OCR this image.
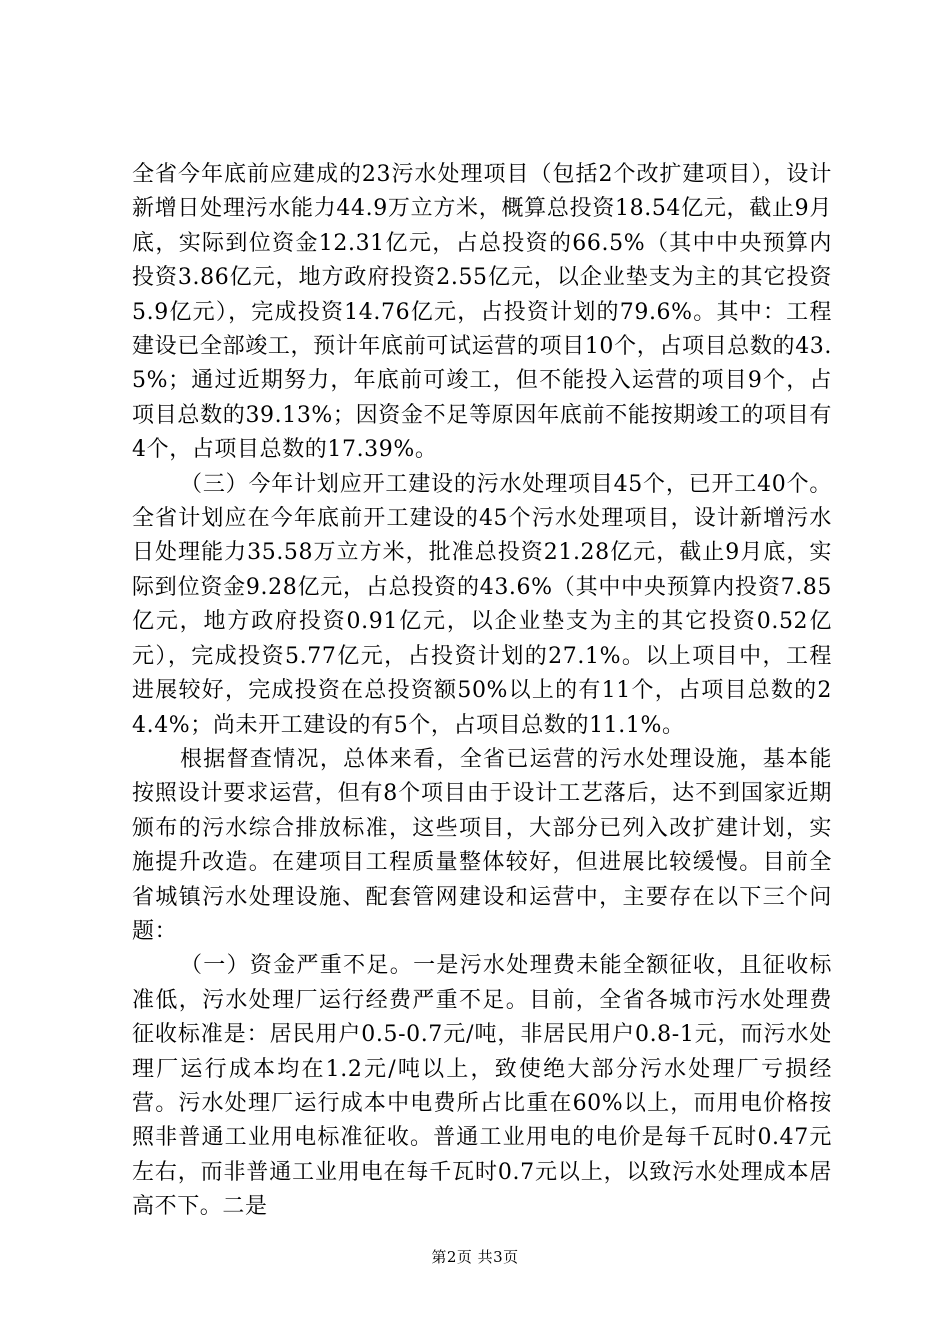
全省今年底前应建成的23污水处理项目（包括2个改扩建项目），设计新增日处理污水能力44.9万立方米，概算总投资18.54亿元，截止9月底，实际到位资金12.31亿元，占总投资的66.5%（其中中央预算内投资3.86亿元，地方政府投资2.55亿元，以企业垫支为主的其它投资5.9亿元），完成投资14.76亿元，占投资计划的79.6%。其中：工程建设已全部竣工，预计年底前可试运营的项目10个，占项目总数的43.5%；通过近期努力，年底前可竣工，但不能投入运营的项目9个，占项目总数的39.13%；因资金不足等原因年底前不能按期竣工的项目有4个，占项目总数的17.39%。

（三）今年计划应开工建设的污水处理项目45个，已开工40个。全省计划应在今年底前开工建设的45个污水处理项目，设计新增污水日处理能力35.58万立方米，批准总投资21.28亿元，截止9月底，实际到位资金9.28亿元，占总投资的43.6%（其中中央预算内投资7.85亿元，地方政府投资0.91亿元，以企业垫支为主的其它投资0.52亿元），完成投资5.77亿元，占投资计划的27.1%。以上项目中，工程进展较好，完成投资在总投资额50%以上的有11个，占项目总数的24.4%；尚未开工建设的有5个，占项目总数的11.1%。

根据督查情况，总体来看，全省已运营的污水处理设施，基本能按照设计要求运营，但有8个项目由于设计工艺落后，达不到国家近期颁布的污水综合排放标准，这些项目，大部分已列入改扩建计划，实施提升改造。在建项目工程质量整体较好，但进展比较缓慢。目前全省城镇污水处理设施、配套管网建设和运营中，主要存在以下三个问题：

（一）资金严重不足。一是污水处理费未能全额征收，且征收标准低，污水处理厂运行经费严重不足。目前，全省各城市污水处理费征收标准是：居民用户0.5-0.7元/吨，非居民用户0.8-1元，而污水处理厂运行成本均在1.2元/吨以上，致使绝大部分污水处理厂亏损经营。污水处理厂运行成本中电费所占比重在60%以上，而用电价格按照非普通工业用电标准征收。普通工业用电的电价是每千瓦时0.47元左右，而非普通工业用电在每千瓦时0.7元以上，以致污水处理成本居高不下。二是

第2页 共3页
